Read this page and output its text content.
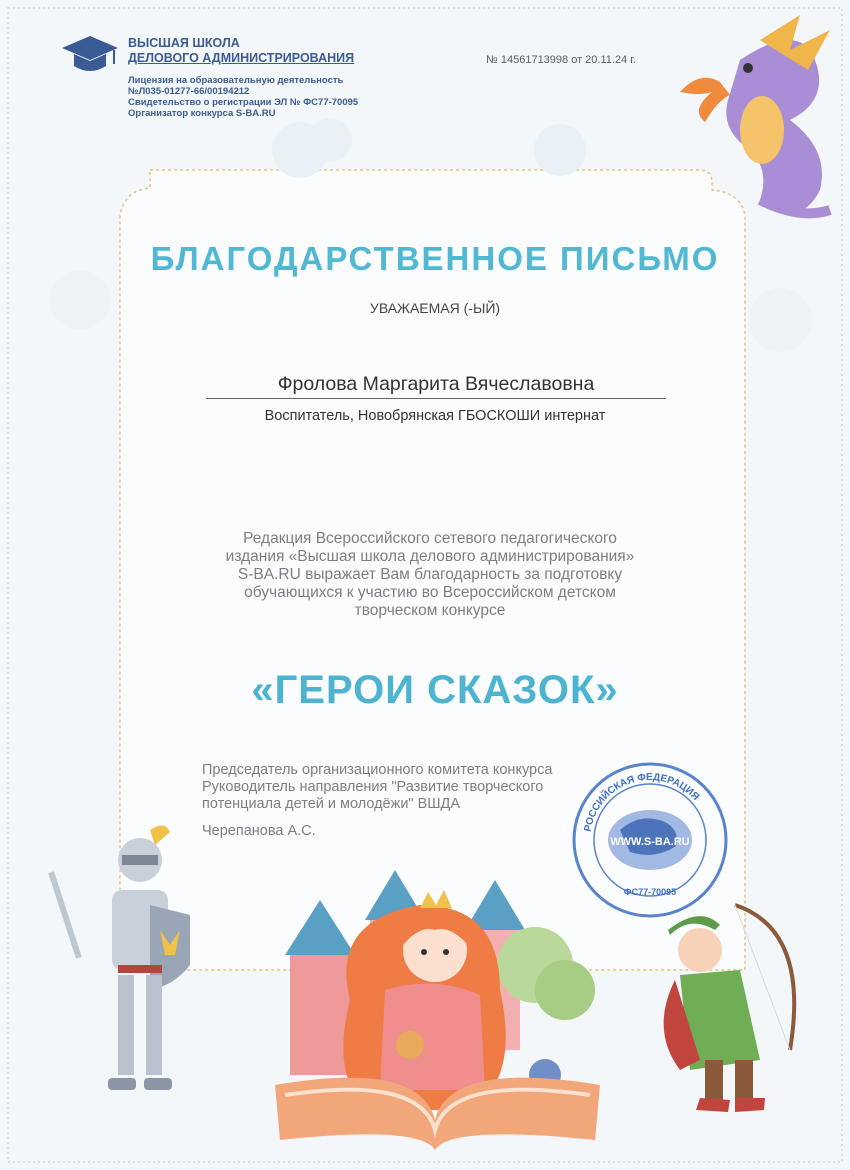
ВЫСШАЯ ШКОЛА
ДЕЛОВОГО АДМИНИСТРИРОВАНИЯ
Лицензия на образовательную деятельность
№Л035-01277-66/00194212
Свидетельство о регистрации ЭЛ № ФС77-70095
Организатор конкурса S-BA.RU
№ 14561713998 от 20.11.24 г.
БЛАГОДАРСТВЕННОЕ ПИСЬМО
УВАЖАЕМАЯ (-ЫЙ)
Фролова Маргарита Вячеславовна
Воспитатель, Новобрянская ГБОСКОШИ интернат
Редакция Всероссийского сетевого педагогического
издания «Высшая школа делового администрирования»
S-BA.RU выражает Вам благодарность за подготовку
обучающихся к участию во Всероссийском детском
творческом конкурсе
«ГЕРОИ СКАЗОК»
Председатель организационного комитета конкурса
Руководитель направления "Развитие творческого
потенциала детей и молодёжи" ВШДА
Черепанова А.С.	РОССИЙСКАЯ ФЕДЕРАЦИЯ
WWW.S-BA.RU
ФС77-70095
